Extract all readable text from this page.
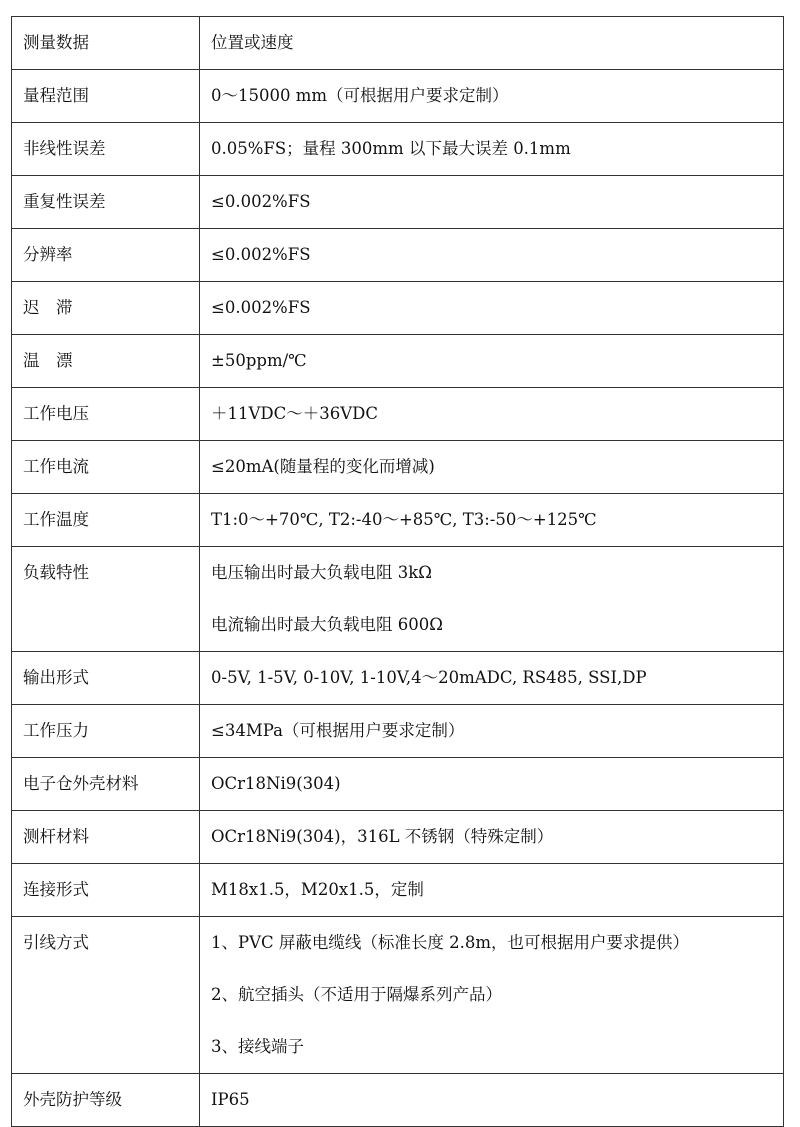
测量数据	位置或速度

量程范围	0～15000 mm（可根据用户要求定制）

非线性误差	0.05%FS；量程 300mm 以下最大误差 0.1mm

重复性误差	≤0.002%FS

分辨率	≤0.002%FS

迟　滞	≤0.002%FS

温　漂	±50ppm/℃

工作电压	＋11VDC～＋36VDC

工作电流	≤20mA(随量程的变化而增减)

工作温度	T1:0～+70℃, T2:-40～+85℃, T3:-50～+125℃

负载特性	电压输出时最大负载电阻 3kΩ
电流输出时最大负载电阻 600Ω

输出形式	0-5V, 1-5V, 0-10V, 1-10V,4～20mADC, RS485, SSI,DP

工作压力	≤34MPa（可根据用户要求定制）

电子仓外壳材料	OCr18Ni9(304)

测杆材料	OCr18Ni9(304)，316L 不锈钢（特殊定制）

连接形式	M18x1.5，M20x1.5，定制

引线方式	1、PVC 屏蔽电缆线（标准长度 2.8m，也可根据用户要求提供）
2、航空插头（不适用于隔爆系列产品）
3、接线端子

外壳防护等级	IP65
